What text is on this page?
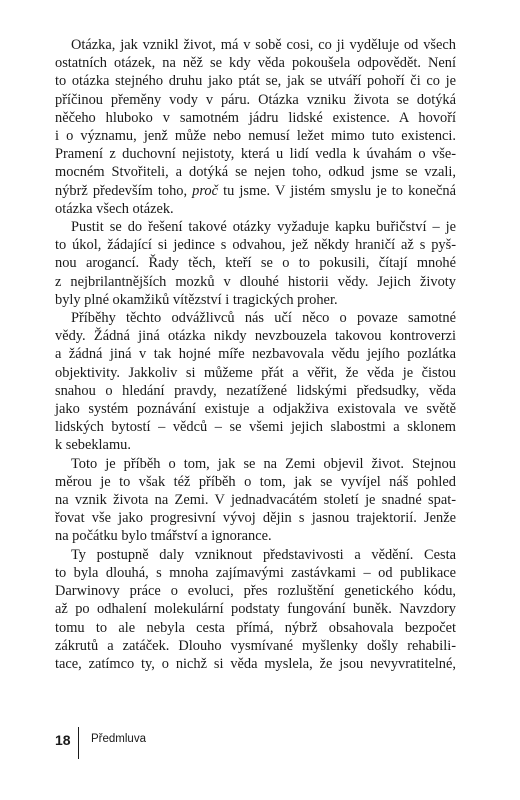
Otázka, jak vznikl život, má v sobě cosi, co ji vyděluje od všech
ostatních otázek, na něž se kdy věda pokoušela odpovědět. Není
to otázka stejného druhu jako ptát se, jak se utváří pohoří či co je
příčinou přeměny vody v páru. Otázka vzniku života se dotýká
něčeho hluboko v samotném jádru lidské existence. A hovoří
i o významu, jenž může nebo nemusí ležet mimo tuto existenci.
Pramení z duchovní nejistoty, která u lidí vedla k úvahám o vše-
mocném Stvořiteli, a dotýká se nejen toho, odkud jsme se vzali,
nýbrž především toho, proč tu jsme. V jistém smyslu je to konečná
otázka všech otázek.
Pustit se do řešení takové otázky vyžaduje kapku buřičství – je
to úkol, žádající si jedince s odvahou, jež někdy hraničí až s pyš-
nou arogancí. Řady těch, kteří se o to pokusili, čítají mnohé
z nejbrilantnějších mozků v dlouhé historii vědy. Jejich životy
byly plné okamžiků vítězství i tragických proher.
Příběhy těchto odvážlivců nás učí něco o povaze samotné
vědy. Žádná jiná otázka nikdy nevzbouzela takovou kontroverzi
a žádná jiná v tak hojné míře nezbavovala vědu jejího pozlátka
objektivity. Jakkoliv si můžeme přát a věřit, že věda je čistou
snahou o hledání pravdy, nezatížené lidskými předsudky, věda
jako systém poznávání existuje a odjakživa existovala ve světě
lidských bytostí – vědců – se všemi jejich slabostmi a sklonem
k sebeklamu.
Toto je příběh o tom, jak se na Zemi objevil život. Stejnou
měrou je to však též příběh o tom, jak se vyvíjel náš pohled
na vznik života na Zemi. V jednadvacátém století je snadné spat-
řovat vše jako progresivní vývoj dějin s jasnou trajektorií. Jenže
na počátku bylo tmářství a ignorance.
Ty postupně daly vzniknout představivosti a vědění. Cesta
to byla dlouhá, s mnoha zajímavými zastávkami – od publikace
Darwinovy práce o evoluci, přes rozluštění genetického kódu,
až po odhalení molekulární podstaty fungování buněk. Navzdory
tomu to ale nebyla cesta přímá, nýbrž obsahovala bezpočet
zákrutů a zatáček. Dlouho vysmívané myšlenky došly rehabili-
tace, zatímco ty, o nichž si věda myslela, že jsou nevyvratitelné,
18 Předmluva
